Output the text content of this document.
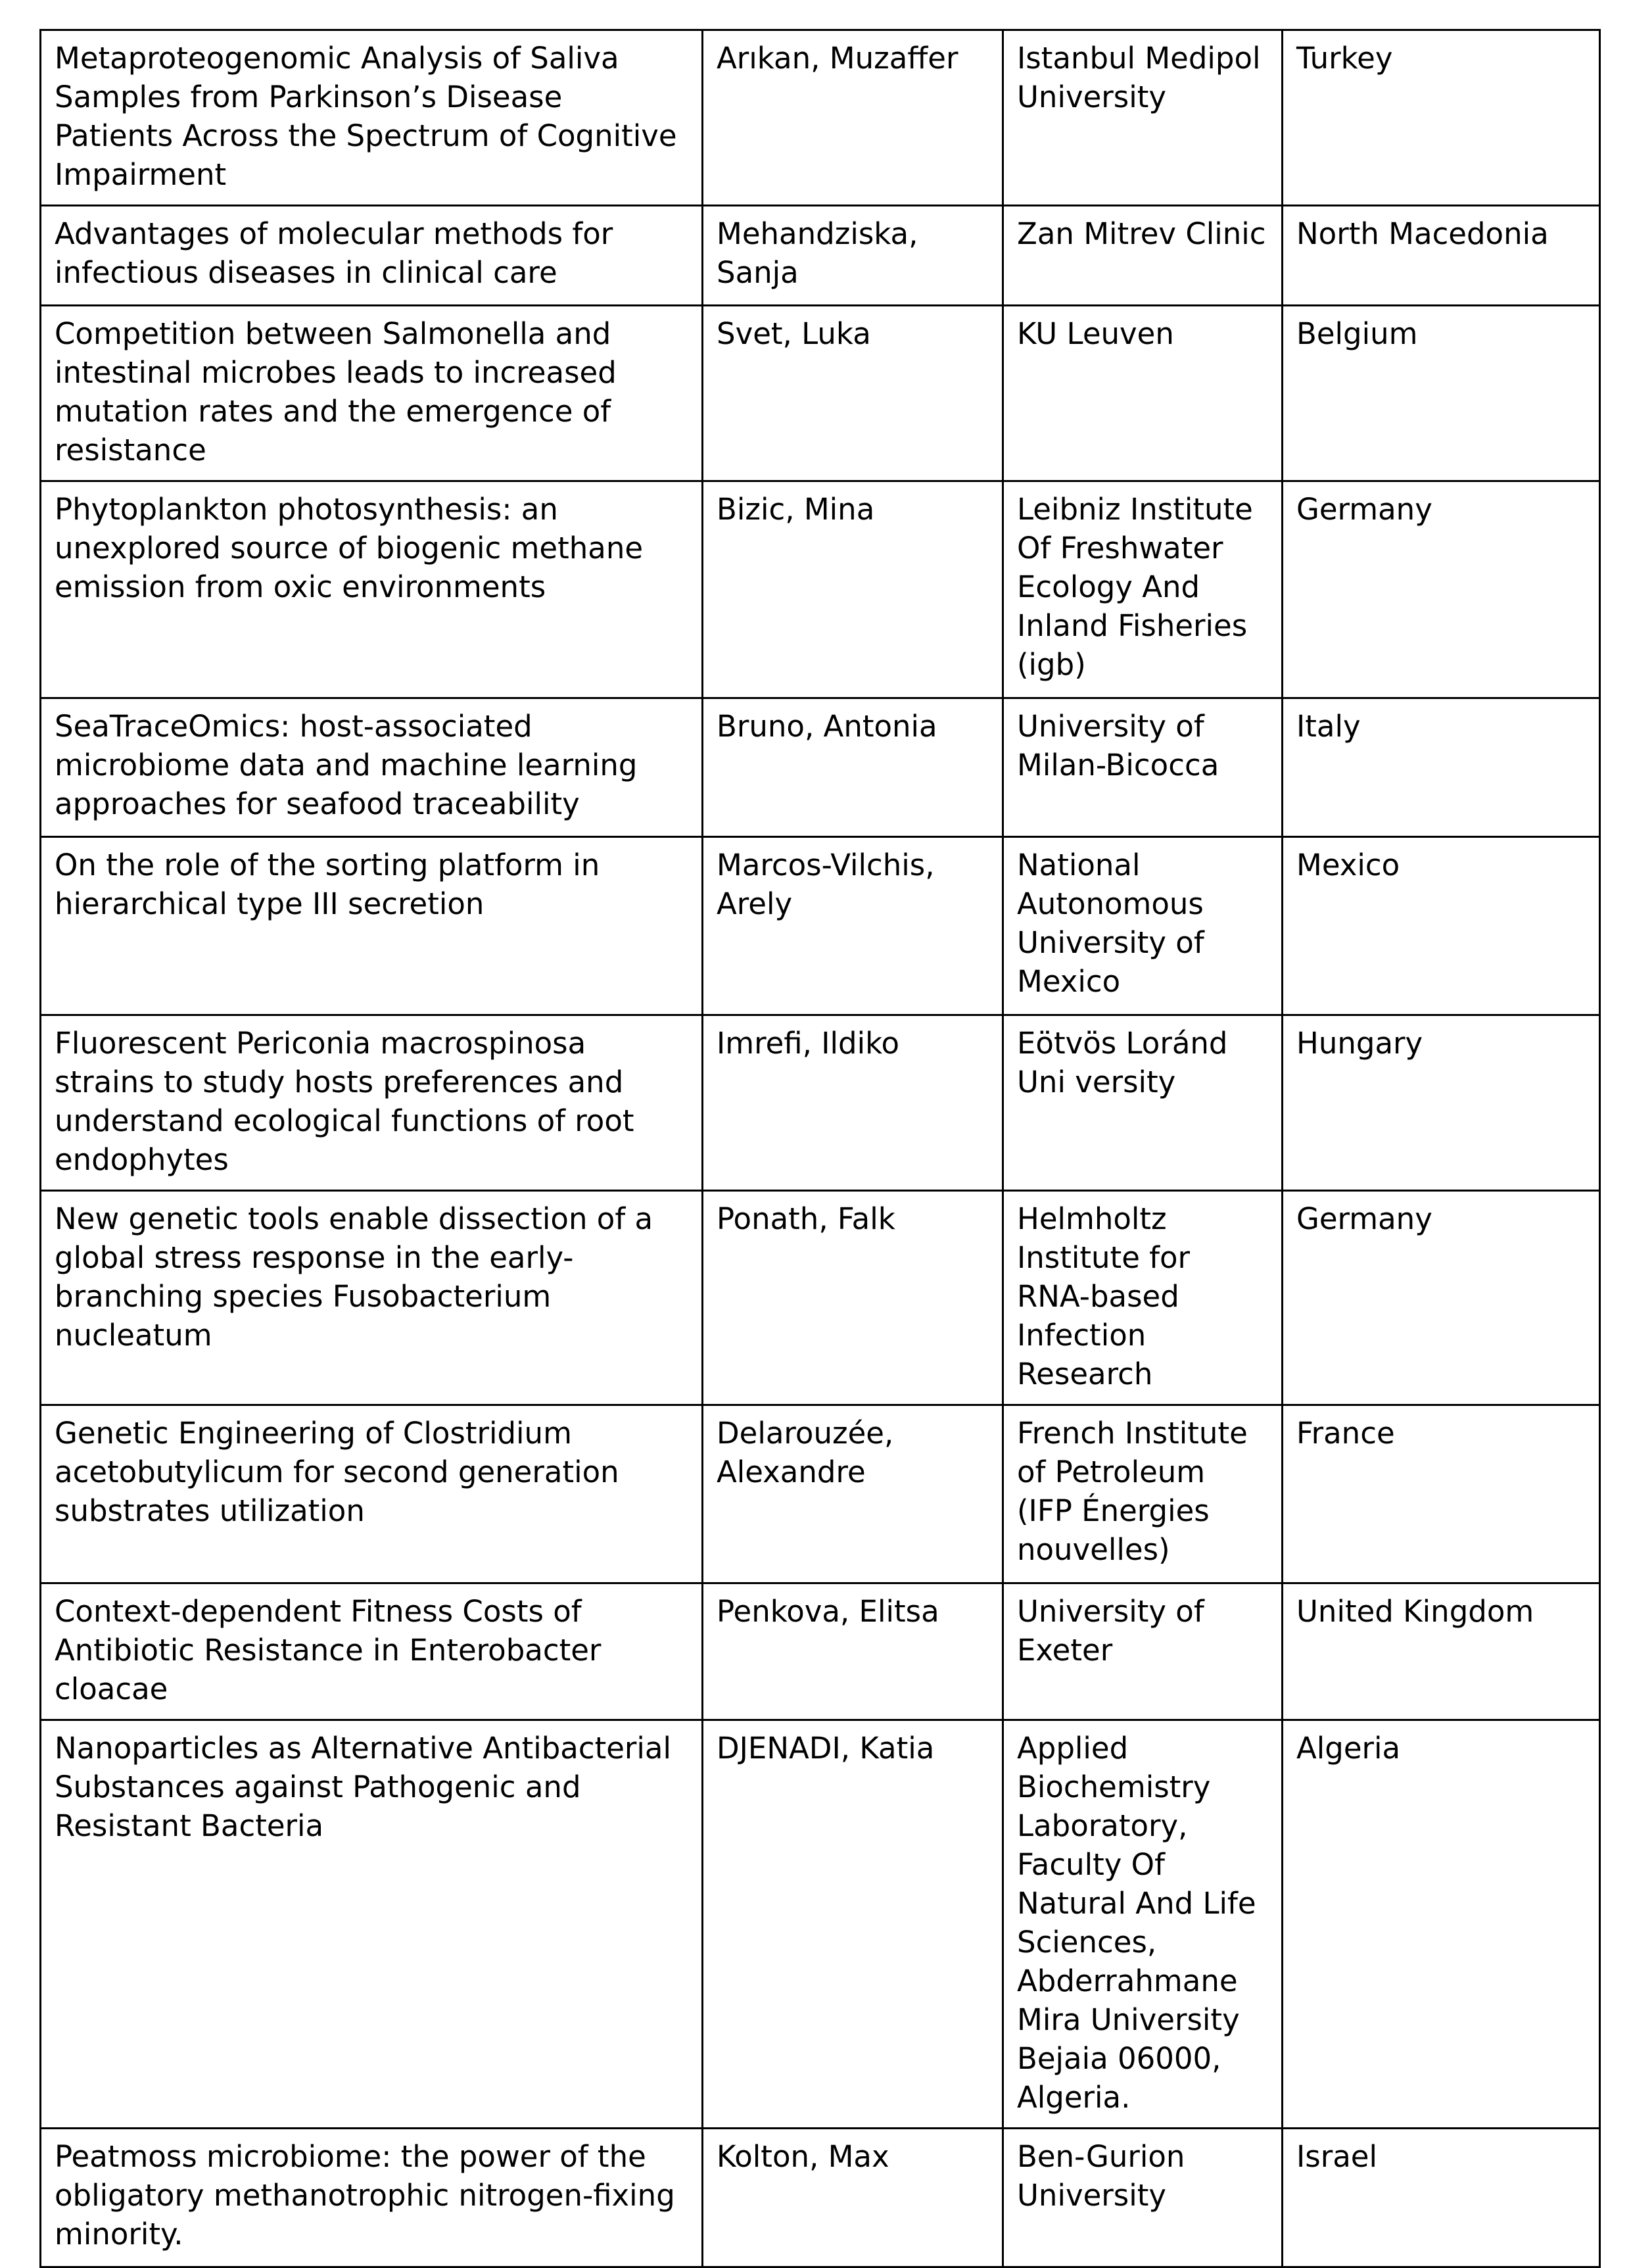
Metaproteogenomic Analysis of Saliva Samples from Parkinson’s Disease Patients Across the Spectrum of Cognitive Impairment	Arıkan, Muzaffer	Istanbul Medipol University	Turkey
Advantages of molecular methods for infectious diseases in clinical care	Mehandziska, Sanja	Zan Mitrev Clinic	North Macedonia
Competition between Salmonella and intestinal microbes leads to increased mutation rates and the emergence of resistance	Svet, Luka	KU Leuven	Belgium
Phytoplankton photosynthesis: an unexplored source of biogenic methane emission from oxic environments	Bizic, Mina	Leibniz Institute Of Freshwater Ecology And Inland Fisheries (igb)	Germany
SeaTraceOmics: host-associated microbiome data and machine learning approaches for seafood traceability	Bruno, Antonia	University of Milan-Bicocca	Italy
On the role of the sorting platform in hierarchical type III secretion	Marcos-Vilchis, Arely	National Autonomous University of Mexico	Mexico
Fluorescent Periconia macrospinosa strains to study hosts preferences and understand ecological functions of root endophytes	Imrefi, Ildiko	Eötvös Loránd Uni versity	Hungary
New genetic tools enable dissection of a global stress response in the early-branching species Fusobacterium nucleatum	Ponath, Falk	Helmholtz Institute for RNA-based Infection Research	Germany
Genetic Engineering of Clostridium acetobutylicum for second generation substrates utilization	Delarouzée, Alexandre	French Institute of Petroleum (IFP Énergies nouvelles)	France
Context-dependent Fitness Costs of Antibiotic Resistance in Enterobacter cloacae	Penkova, Elitsa	University of Exeter	United Kingdom
Nanoparticles as Alternative Antibacterial Substances against Pathogenic and Resistant Bacteria	DJENADI, Katia	Applied Biochemistry Laboratory, Faculty Of Natural And Life Sciences, Abderrahmane Mira University Bejaia 06000, Algeria.	Algeria
Peatmoss microbiome: the power of the obligatory methanotrophic nitrogen-fixing minority.	Kolton, Max	Ben-Gurion University	Israel
